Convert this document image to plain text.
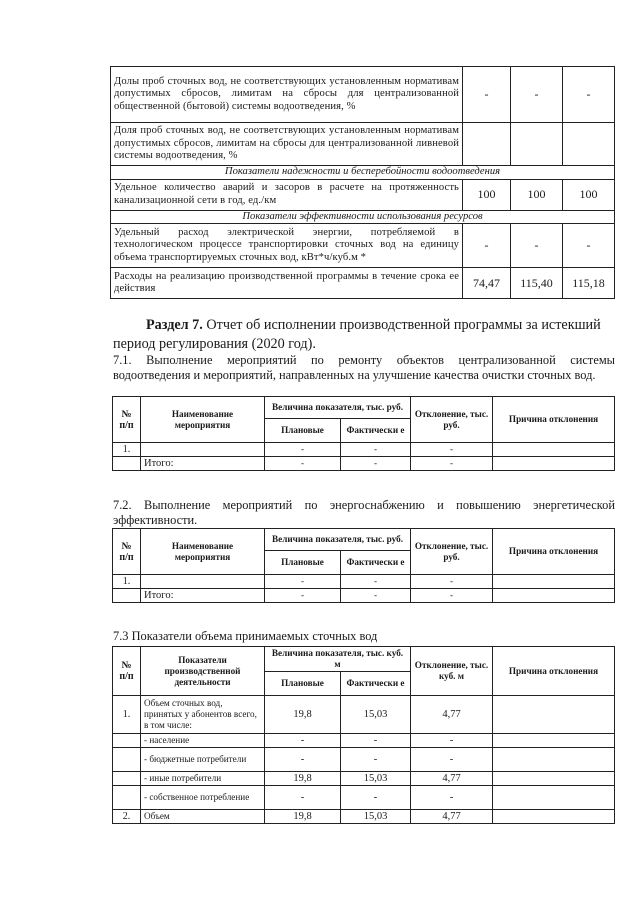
Долы проб сточных вод, не соответствующих установленным нормативам допустимых сбросов, лимитам на сбросы для централизованной общественной (бытовой) системы водоотведения, %	-	-	-
Доля проб сточных вод, не соответствующих установленным нормативам допустимых сбросов, лимитам на сбросы для централизованной ливневой системы водоотведения, %			
Показатели надежности и бесперебойности водоотведения			
Удельное количество аварий и засоров в расчете на протяженность канализационной сети в год, ед./км	100	100	100
Показатели эффективности использования ресурсов			
Удельный расход электрической энергии, потребляемой в технологическом процессе транспортировки сточных вод на единицу объема транспортируемых сточных вод, кВт*ч/куб.м *	-	-	-
Расходы на реализацию производственной программы в течение срока ее действия	74,47	115,40	115,18
Раздел 7. Отчет об исполнении производственной программы за истекший
период регулирования (2020 год).
7.1. Выполнение мероприятий по ремонту объектов централизованной системы водоотведения и мероприятий, направленных на улучшение качества очистки сточных вод.
№ п/п	Наименование мероприятия	Величина показателя, тыс. руб.		Отклонение, тыс. руб.	Причина отклонения
		Плановые	Фактически е		
1.		-	-	-	
	Итого:	-	-	-	
7.2. Выполнение мероприятий по энергоснабжению и повышению энергетической эффективности.
№ п/п	Наименование мероприятия	Величина показателя, тыс. руб.		Отклонение, тыс. руб.	Причина отклонения
		Плановые	Фактически е		
1.		-	-	-	
	Итого:	-	-	-	
7.3 Показатели объема принимаемых сточных вод
№ п/п	Показатели производственной деятельности	Величина показателя, тыс. куб. м		Отклонение, тыс. куб. м	Причина отклонения
		Плановые	Фактически е		
1.	Объем сточных вод, принятых у абонентов всего, в том числе:	19,8	15,03	4,77	
	- население	-	-	-	
	- бюджетные потребители	-	-	-	
	- иные потребители	19,8	15,03	4,77	
	- собственное потребление	-	-	-	
2.	Объем	19,8	15,03	4,77	
